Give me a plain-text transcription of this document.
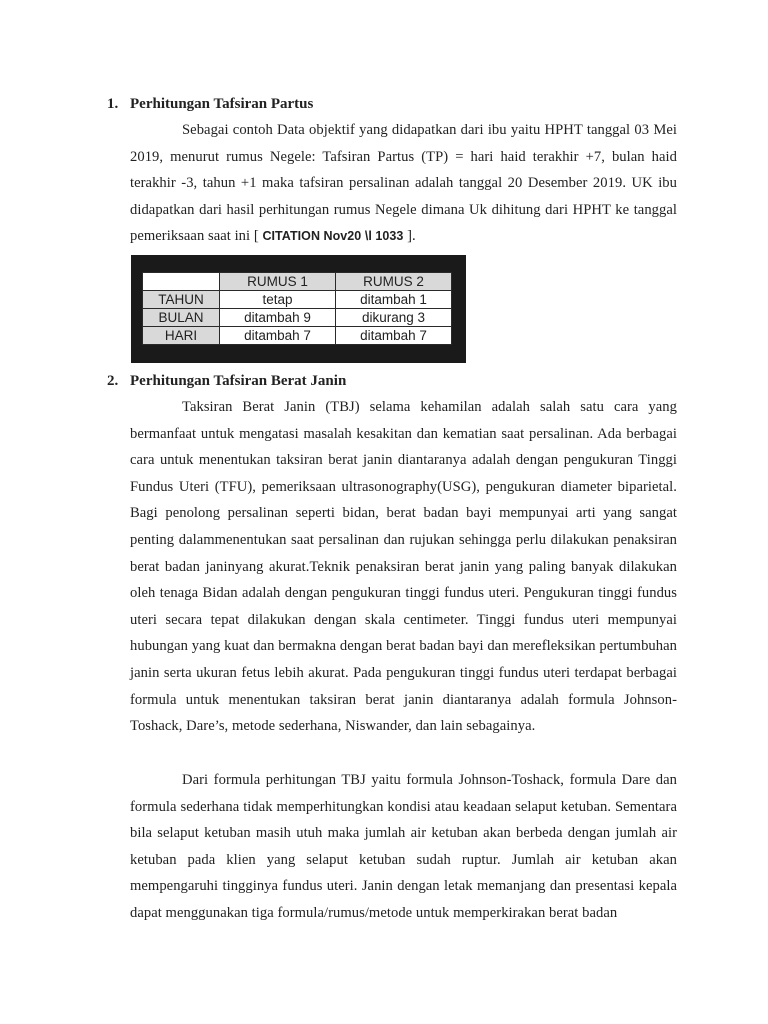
1. Perhitungan Tafsiran Partus

Sebagai contoh Data objektif yang didapatkan dari ibu yaitu HPHT tanggal 03 Mei 2019, menurut rumus Negele: Tafsiran Partus (TP) = hari haid terakhir +7, bulan haid terakhir -3, tahun +1 maka tafsiran persalinan adalah tanggal 20 Desember 2019. UK ibu didapatkan dari hasil perhitungan rumus Negele dimana Uk dihitung dari HPHT ke tanggal pemeriksaan saat ini [ CITATION Nov20 \l 1033 ].

	RUMUS 1	RUMUS 2
TAHUN	tetap	ditambah 1
BULAN	ditambah 9	dikurang 3
HARI	ditambah 7	ditambah 7
2. Perhitungan Tafsiran Berat Janin

Taksiran Berat Janin (TBJ) selama kehamilan adalah salah satu cara yang bermanfaat untuk mengatasi masalah kesakitan dan kematian saat persalinan. Ada berbagai cara untuk menentukan taksiran berat janin diantaranya adalah dengan pengukuran Tinggi Fundus Uteri (TFU), pemeriksaan ultrasonography(USG), pengukuran diameter biparietal. Bagi penolong persalinan seperti bidan, berat badan bayi mempunyai arti yang sangat penting dalammenentukan saat persalinan dan rujukan sehingga perlu dilakukan penaksiran berat badan janinyang akurat.Teknik penaksiran berat janin yang paling banyak dilakukan oleh tenaga Bidan adalah dengan pengukuran tinggi fundus uteri. Pengukuran tinggi fundus uteri secara tepat dilakukan dengan skala centimeter. Tinggi fundus uteri mempunyai hubungan yang kuat dan bermakna dengan berat badan bayi dan merefleksikan pertumbuhan janin serta ukuran fetus lebih akurat. Pada pengukuran tinggi fundus uteri terdapat berbagai formula untuk menentukan taksiran berat janin diantaranya adalah formula Johnson-Toshack, Dare’s, metode sederhana, Niswander, dan lain sebagainya.

Dari formula perhitungan TBJ yaitu formula Johnson-Toshack, formula Dare dan formula sederhana tidak memperhitungkan kondisi atau keadaan selaput ketuban. Sementara bila selaput ketuban masih utuh maka jumlah air ketuban akan berbeda dengan jumlah air ketuban pada klien yang selaput ketuban sudah ruptur. Jumlah air ketuban akan mempengaruhi tingginya fundus uteri. Janin dengan letak memanjang dan presentasi kepala dapat menggunakan tiga formula/rumus/metode untuk memperkirakan berat badan
